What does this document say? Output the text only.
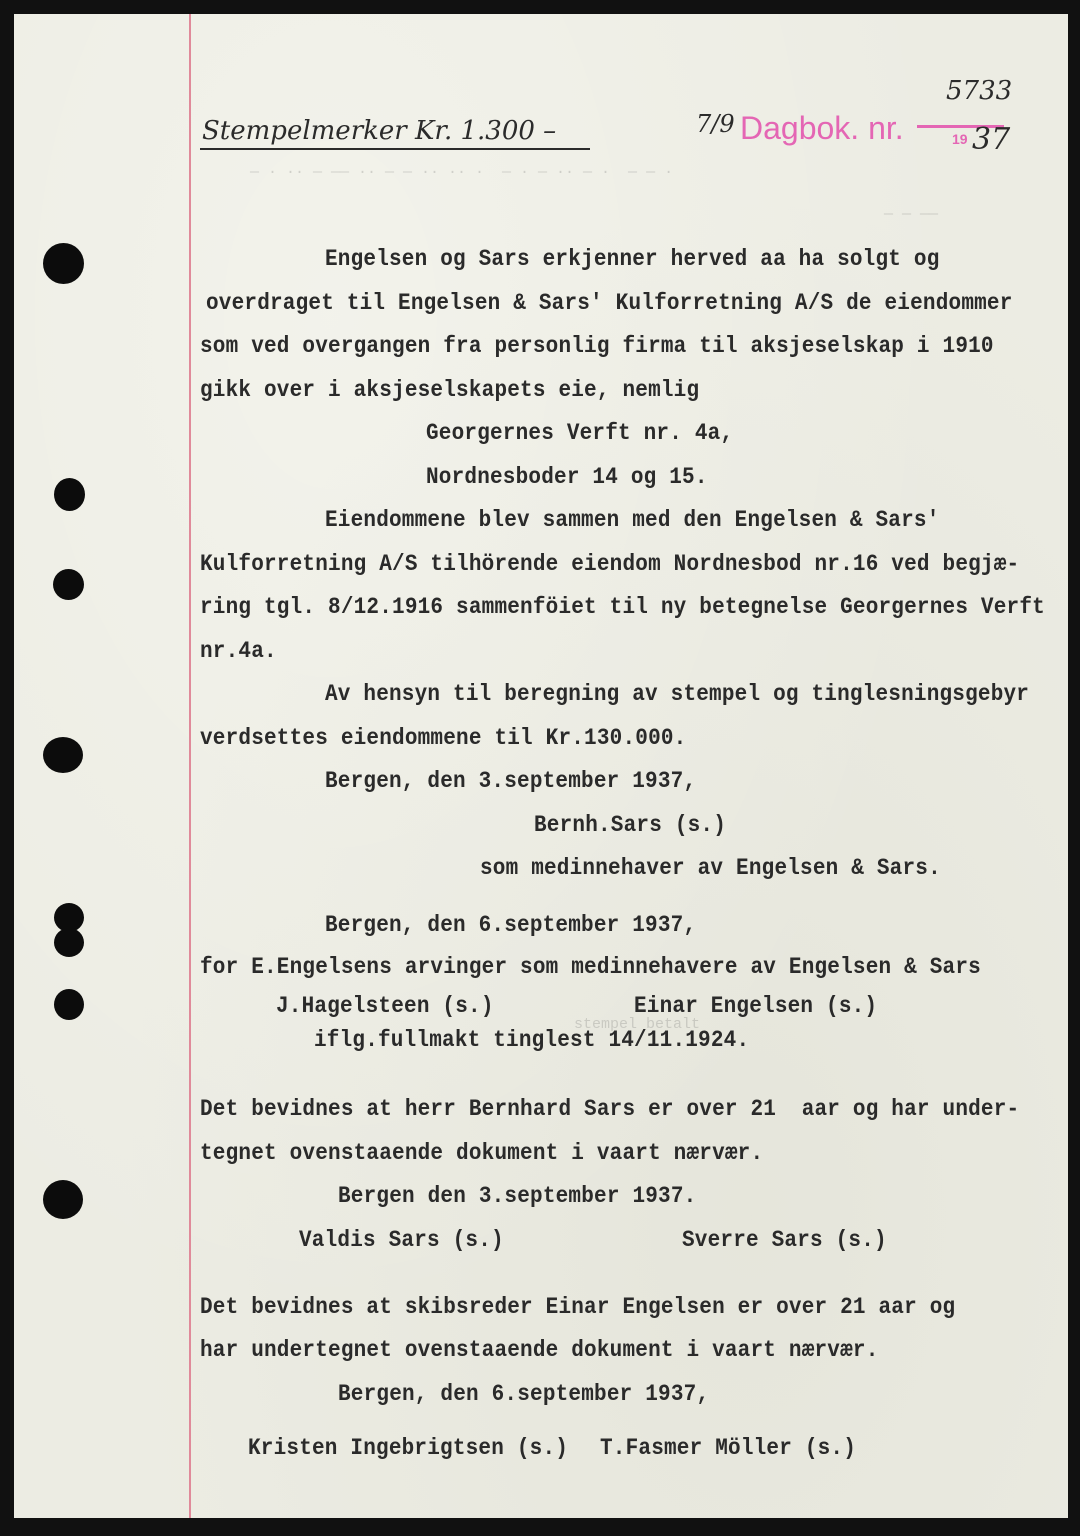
— · ·· — —— ·· — — ·· ·· ·  — · — ·· — ·  — — ·
— — ——
stempel betalt
Stempelmerker Kr. 1.300 –	7/9 Dagbok. nr.
5733
19 37
Engelsen og Sars erkjenner herved aa ha solgt og
overdraget til Engelsen & Sars' Kulforretning A/S de eiendommer
som ved overgangen fra personlig firma til aksjeselskap i 1910
gikk over i aksjeselskapets eie, nemlig
Georgernes Verft nr. 4a,
Nordnesboder 14 og 15.
Eiendommene blev sammen med den Engelsen & Sars'
Kulforretning A/S tilhörende eiendom Nordnesbod nr.16 ved begjæ-
ring tgl. 8/12.1916 sammenföiet til ny betegnelse Georgernes Verft
nr.4a.
Av hensyn til beregning av stempel og tinglesningsgebyr
verdsettes eiendommene til Kr.130.000.
Bergen, den 3.september 1937,
Bernh.Sars (s.)
som medinnehaver av Engelsen & Sars.
Bergen, den 6.september 1937,
for E.Engelsens arvinger som medinnehavere av Engelsen & Sars
J.Hagelsteen (s.)	Einar Engelsen (s.)
iflg.fullmakt tinglest 14/11.1924.
Det bevidnes at herr Bernhard Sars er over 21  aar og har under-
tegnet ovenstaaende dokument i vaart nærvær.
Bergen den 3.september 1937.
Valdis Sars (s.)	Sverre Sars (s.)
Det bevidnes at skibsreder Einar Engelsen er over 21 aar og
har undertegnet ovenstaaende dokument i vaart nærvær.
Bergen, den 6.september 1937,
Kristen Ingebrigtsen (s.) T.Fasmer Möller (s.)
